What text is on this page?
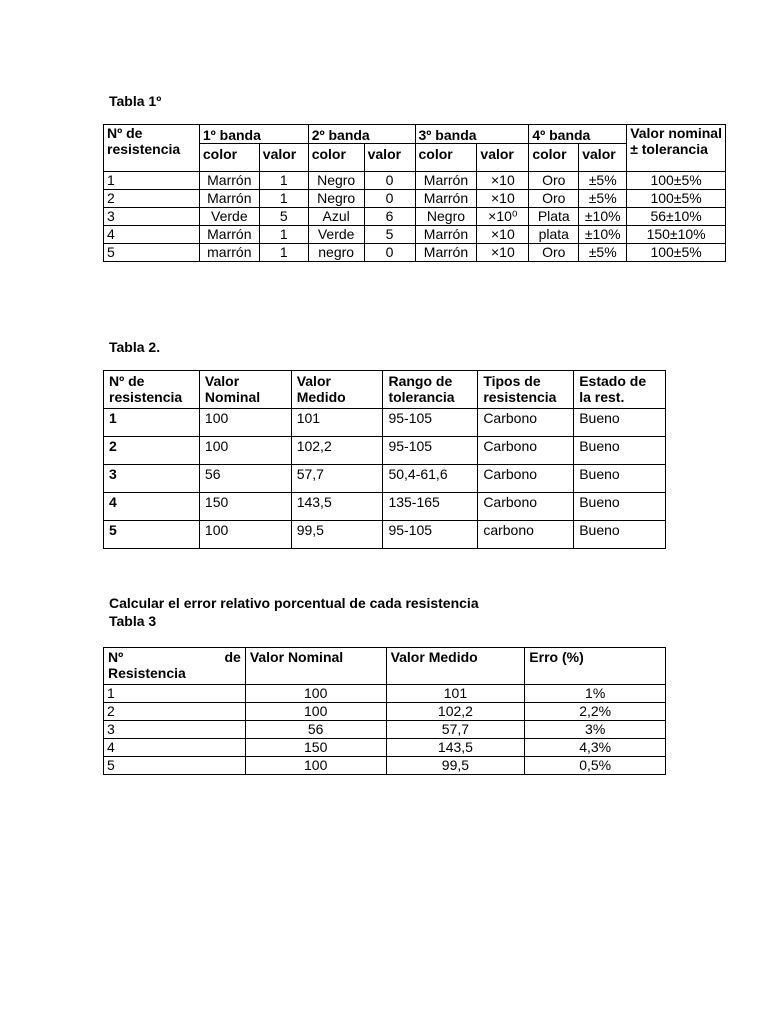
Tabla 1º
Nº de resistencia	1º banda		2º banda		3º banda		4º banda		Valor nominal ± tolerancia
	color	valor	color	valor	color	valor	color	valor	
1	Marrón	1	Negro	0	Marrón	×10	Oro	±5%	100±5%
2	Marrón	1	Negro	0	Marrón	×10	Oro	±5%	100±5%
3	Verde	5	Azul	6	Negro	×10⁰	Plata	±10%	56±10%
4	Marrón	1	Verde	5	Marrón	×10	plata	±10%	150±10%
5	marrón	1	negro	0	Marrón	×10	Oro	±5%	100±5%
Tabla 2.
Nº de resistencia	Valor Nominal	Valor Medido	Rango de tolerancia	Tipos de resistencia	Estado de la rest.
1	100	101	95-105	Carbono	Bueno
2	100	102,2	95-105	Carbono	Bueno
3	56	57,7	50,4-61,6	Carbono	Bueno
4	150	143,5	135-165	Carbono	Bueno
5	100	99,5	95-105	carbono	Bueno
Calcular el error relativo porcentual de cada resistencia
Tabla 3
Nº de
Resistencia	Valor Nominal	Valor Medido	Erro (%)
1	100	101	1%
2	100	102,2	2,2%
3	56	57,7	3%
4	150	143,5	4,3%
5	100	99,5	0,5%
